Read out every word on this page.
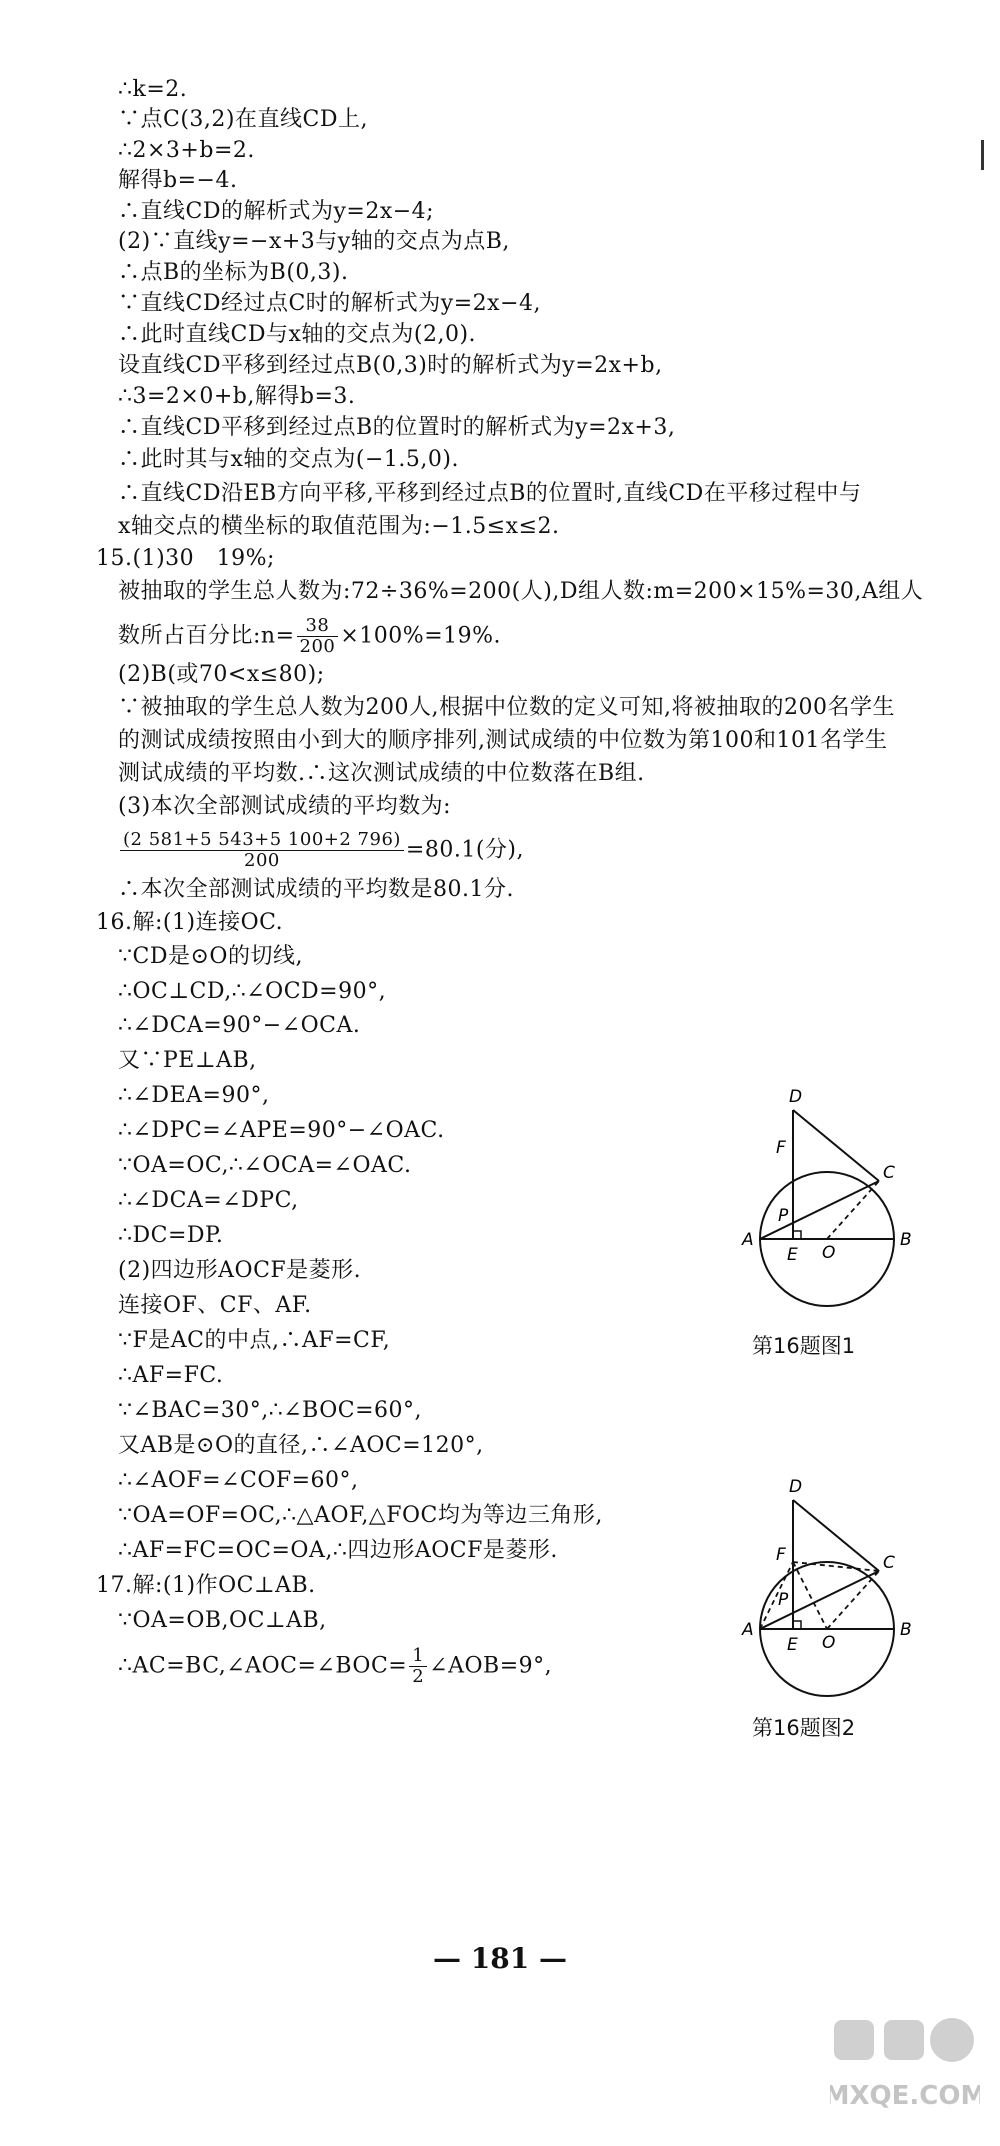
∴k=2.
∵点C(3,2)在直线CD上,
∴2×3+b=2.
解得b=−4.
∴直线CD的解析式为y=2x−4;
(2)∵直线y=−x+3与y轴的交点为点B,
∴点B的坐标为B(0,3).
∵直线CD经过点C时的解析式为y=2x−4,
∴此时直线CD与x轴的交点为(2,0).
设直线CD平移到经过点B(0,3)时的解析式为y=2x+b,
∴3=2×0+b,解得b=3.
∴直线CD平移到经过点B的位置时的解析式为y=2x+3,
∴此时其与x轴的交点为(−1.5,0).
∴直线CD沿EB方向平移,平移到经过点B的位置时,直线CD在平移过程中与
x轴交点的横坐标的取值范围为:−1.5≤x≤2.
15.(1)30　19%;
被抽取的学生总人数为:72÷36%=200(人),D组人数:m=200×15%=30,A组人
数所占百分比:n= $\frac{38}{200} \times 100\%=19\%$.
(2)B(或70<x≤80);
∵被抽取的学生总人数为200人,根据中位数的定义可知,将被抽取的200名学生
的测试成绩按照由小到大的顺序排列,测试成绩的中位数为第100和101名学生
测试成绩的平均数.∴这次测试成绩的中位数落在B组.
(3)本次全部测试成绩的平均数为:
$\frac{(2 581+5 543+5 100+2 796)}{200} =80.1$(分),
∴本次全部测试成绩的平均数是80.1分.
16.解:(1)连接OC.
∵CD是⊙O的切线,
∴OC⊥CD,∴∠OCD=90°,
∴∠DCA=90°−∠OCA.
又∵PE⊥AB,
∴∠DEA=90°,
∴∠DPC=∠APE=90°−∠OAC.
∵OA=OC,∴∠OCA=∠OAC.
∴∠DCA=∠DPC,
∴DC=DP.
(2)四边形AOCF是菱形.
连接OF、CF、AF.
∵F是AC的中点,∴AF=CF,
∴AF=FC.
∵∠BAC=30°,∴∠BOC=60°,
又AB是⊙O的直径,∴∠AOC=120°,
∴∠AOF=∠COF=60°,
∵OA=OF=OC,∴△AOF,△FOC均为等边三角形,
∴AF=FC=OC=OA,∴四边形AOCF是菱形.
17.解:(1)作OC⊥AB.
∵OA=OB,OC⊥AB,
∴AC=BC,∠AOC=∠BOC= $\frac{1}{2}$ ∠AOB=9°,
D
F
C
P
A
E O
B
第16题图1
D
F	C
P
A
E O
B
第16题图2
— 181 —
MXQE.COM
